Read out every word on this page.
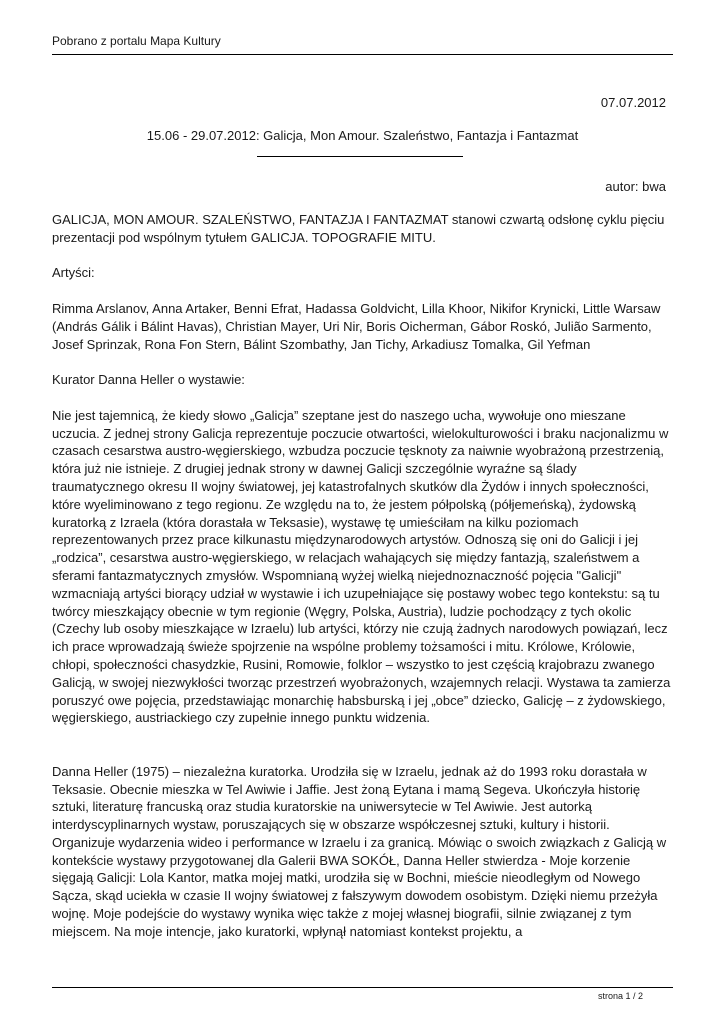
Pobrano z portalu Mapa Kultury
07.07.2012
15.06 - 29.07.2012: Galicja, Mon Amour. Szaleństwo, Fantazja i Fantazmat
autor: bwa

GALICJA, MON AMOUR. SZALEŃSTWO, FANTAZJA I FANTAZMAT stanowi czwartą odsłonę cyklu pięciu prezentacji pod wspólnym tytułem GALICJA. TOPOGRAFIE MITU.

Artyści:

Rimma Arslanov, Anna Artaker, Benni Efrat, Hadassa Goldvicht, Lilla Khoor, Nikifor Krynicki, Little Warsaw (András Gálik i Bálint Havas), Christian Mayer, Uri Nir, Boris Oicherman, Gábor Roskó, Julião Sarmento, Josef Sprinzak, Rona Fon Stern, Bálint Szombathy, Jan Tichy, Arkadiusz Tomalka, Gil Yefman

Kurator Danna Heller o wystawie:

Nie jest tajemnicą, że kiedy słowo „Galicja” szeptane jest do naszego ucha, wywołuje ono mieszane uczucia. Z jednej strony Galicja reprezentuje poczucie otwartości, wielokulturowości i braku nacjonalizmu w czasach cesarstwa austro-węgierskiego, wzbudza poczucie tęsknoty za naiwnie wyobrażoną przestrzenią, która już nie istnieje. Z drugiej jednak strony w dawnej Galicji szczególnie wyraźne są ślady traumatycznego okresu II wojny światowej, jej katastrofalnych skutków dla Żydów i innych społeczności, które wyeliminowano z tego regionu. Ze względu na to, że jestem półpolską (półjemeńską), żydowską kuratorką z Izraela (która dorastała w Teksasie), wystawę tę umieściłam na kilku poziomach reprezentowanych przez prace kilkunastu międzynarodowych artystów. Odnoszą się oni do Galicji i jej „rodzica”, cesarstwa austro-węgierskiego, w relacjach wahających się między fantazją, szaleństwem a sferami fantazmatycznych zmysłów. Wspomnianą wyżej wielką niejednoznaczność pojęcia "Galicji" wzmacniają artyści biorący udział w wystawie i ich uzupełniające się postawy wobec tego kontekstu: są tu twórcy mieszkający obecnie w tym regionie (Węgry, Polska, Austria), ludzie pochodzący z tych okolic (Czechy lub osoby mieszkające w Izraelu) lub artyści, którzy nie czują żadnych narodowych powiązań, lecz ich prace wprowadzają świeże spojrzenie na wspólne problemy tożsamości i mitu. Królowe, Królowie, chłopi, społeczności chasydzkie, Rusini, Romowie, folklor – wszystko to jest częścią krajobrazu zwanego Galicją, w swojej niezwykłości tworząc przestrzeń wyobrażonych, wzajemnych relacji. Wystawa ta zamierza poruszyć owe pojęcia, przedstawiając monarchię habsburską i jej „obce” dziecko, Galicję – z żydowskiego, węgierskiego, austriackiego czy zupełnie innego punktu widzenia.

Danna Heller (1975) – niezależna kuratorka. Urodziła się w Izraelu, jednak aż do 1993 roku dorastała w Teksasie. Obecnie mieszka w Tel Awiwie i Jaffie. Jest żoną Eytana i mamą Segeva. Ukończyła historię sztuki, literaturę francuską oraz studia kuratorskie na uniwersytecie w Tel Awiwie. Jest autorką interdyscyplinarnych wystaw, poruszających się w obszarze współczesnej sztuki, kultury i historii. Organizuje wydarzenia wideo i performance w Izraelu i za granicą. Mówiąc o swoich związkach z Galicją w kontekście wystawy przygotowanej dla Galerii BWA SOKÓŁ, Danna Heller stwierdza - Moje korzenie sięgają Galicji: Lola Kantor, matka mojej matki, urodziła się w Bochni, mieście nieodległym od Nowego Sącza, skąd uciekła w czasie II wojny światowej z fałszywym dowodem osobistym. Dzięki niemu przeżyła wojnę. Moje podejście do wystawy wynika więc także z mojej własnej biografii, silnie związanej z tym miejscem. Na moje intencje, jako kuratorki, wpłynął natomiast kontekst projektu, a

strona 1 / 2
